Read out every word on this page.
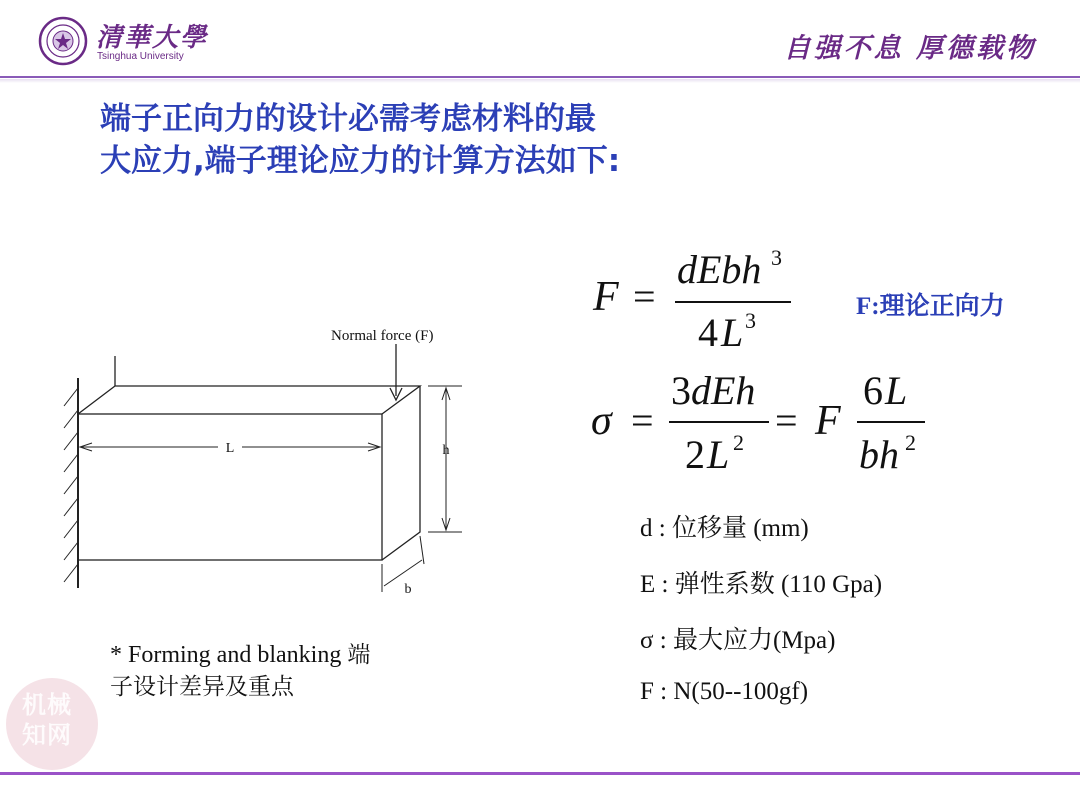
清華大學
Tsinghua University	自强不息 厚德载物
端子正向力的设计必需考虑材料的最
大应力,端子理论应力的计算方法如下:
L	h
b
Normal force (F)
F =
dEbh 3
4 L 3
σ =
3 dEh
2 L 2 = F
6 L
bh 2
F:理论正向力
d : 位移量 (mm)
E : 弹性系数 (110 Gpa)
σ : 最大应力(Mpa)
F : N(50--100gf)
* Forming and blanking 端
子设计差异及重点
机械
知网
